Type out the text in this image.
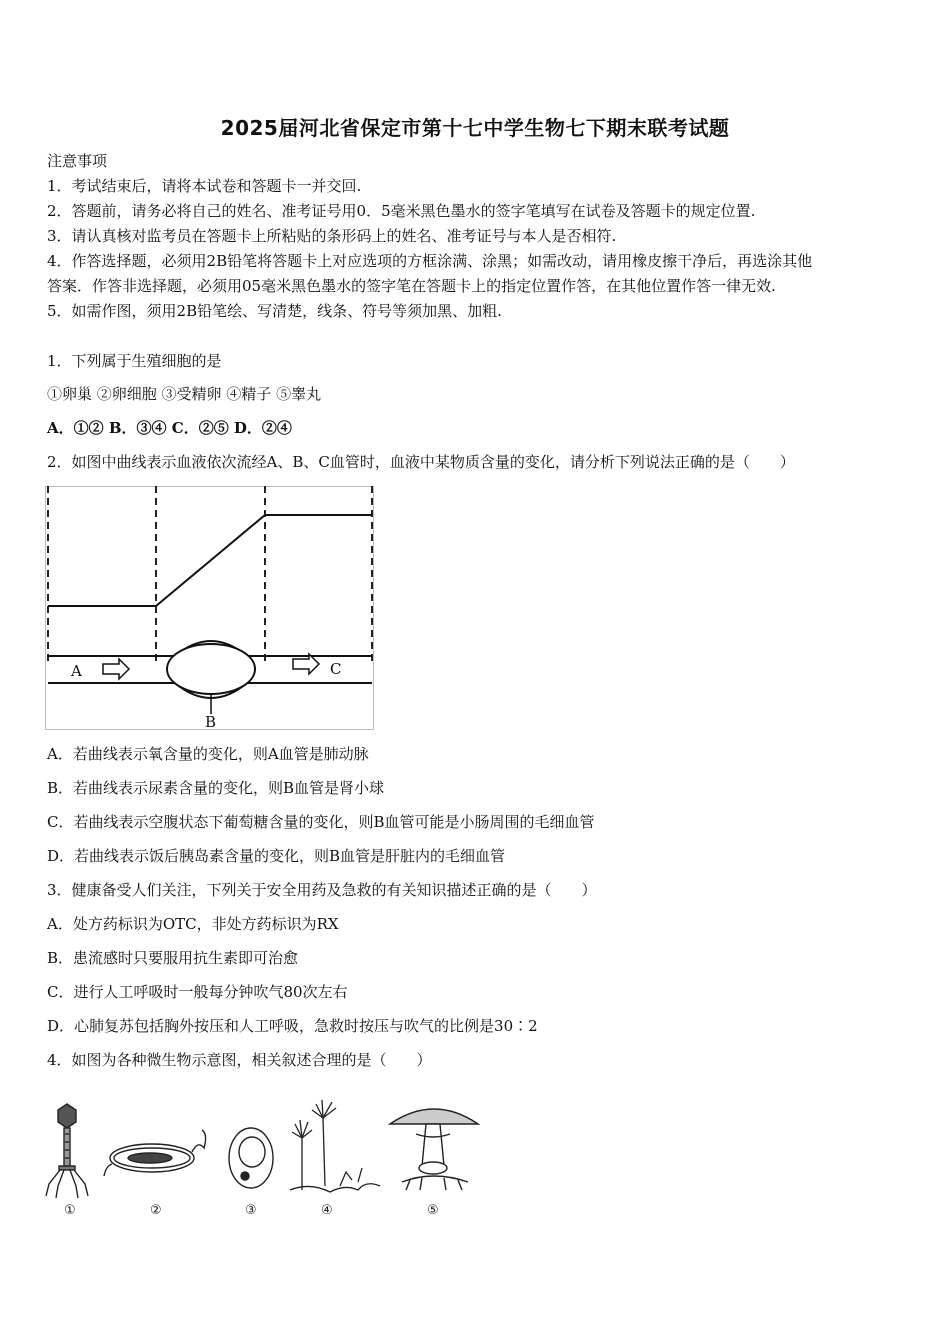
2025届河北省保定市第十七中学生物七下期末联考试题
注意事项
1．考试结束后，请将本试卷和答题卡一并交回.
2．答题前，请务必将自己的姓名、准考证号用0．5毫米黑色墨水的签字笔填写在试卷及答题卡的规定位置.
3．请认真核对监考员在答题卡上所粘贴的条形码上的姓名、准考证号与本人是否相符.
4．作答选择题，必须用2B铅笔将答题卡上对应选项的方框涂满、涂黑；如需改动，请用橡皮擦干净后，再选涂其他
答案．作答非选择题，必须用05毫米黑色墨水的签字笔在答题卡上的指定位置作答，在其他位置作答一律无效.
5．如需作图，须用2B铅笔绘、写清楚，线条、符号等须加黑、加粗.
1．下列属于生殖细胞的是
①卵巢 ②卵细胞 ③受精卵 ④精子 ⑤睾丸
A．①② B．③④ C．②⑤ D．②④
2．如图中曲线表示血液依次流经A、B、C血管时，血液中某物质含量的变化，请分析下列说法正确的是（　　）
A	C
B
A．若曲线表示氧含量的变化，则A血管是肺动脉
B．若曲线表示尿素含量的变化，则B血管是肾小球
C．若曲线表示空腹状态下葡萄糖含量的变化，则B血管可能是小肠周围的毛细血管
D．若曲线表示饭后胰岛素含量的变化，则B血管是肝脏内的毛细血管
3．健康备受人们关注，下列关于安全用药及急救的有关知识描述正确的是（　　）
A．处方药标识为OTC，非处方药标识为RX
B．患流感时只要服用抗生素即可治愈
C．进行人工呼吸时一般每分钟吹气80次左右
D．心肺复苏包括胸外按压和人工呼吸，急救时按压与吹气的比例是30∶2
4．如图为各种微生物示意图，相关叙述合理的是（　　）
①	②	③	④	⑤
